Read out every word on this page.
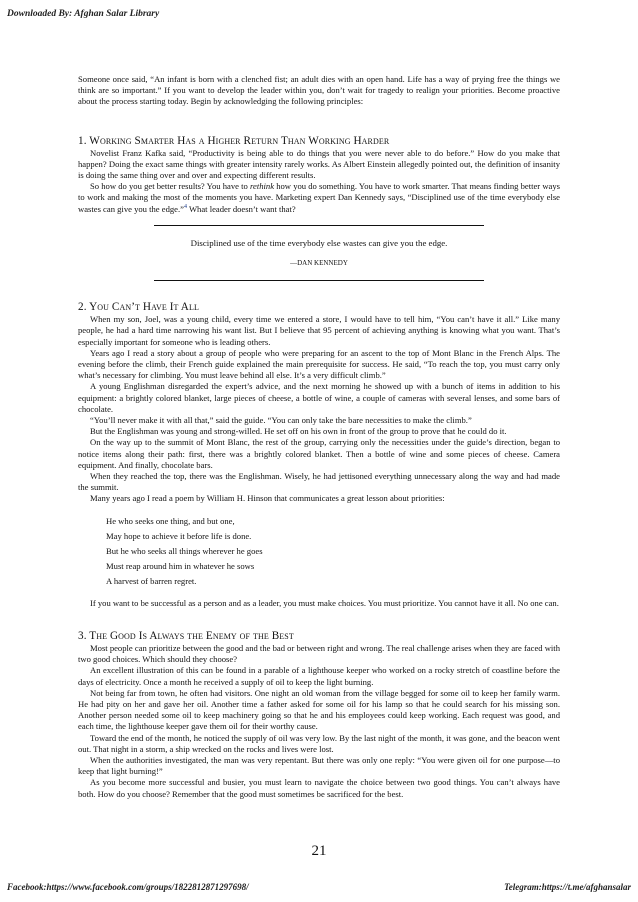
Downloaded By: Afghan Salar Library

Someone once said, “An infant is born with a clenched fist; an adult dies with an open hand. Life has a way of prying free the things we think are so important.” If you want to develop the leader within you, don’t wait for tragedy to realign your priorities. Become proactive about the process starting today. Begin by acknowledging the following principles:

1. Working Smarter Has a Higher Return Than Working Harder

Novelist Franz Kafka said, “Productivity is being able to do things that you were never able to do before.” How do you make that happen? Doing the exact same things with greater intensity rarely works. As Albert Einstein allegedly pointed out, the definition of insanity is doing the same thing over and over and expecting different results.

So how do you get better results? You have to rethink how you do something. You have to work smarter. That means finding better ways to work and making the most of the moments you have. Marketing expert Dan Kennedy says, “Disciplined use of the time everybody else wastes can give you the edge.”$^4$ What leader doesn’t want that?

Disciplined use of the time everybody else wastes can give you the edge.
—DAN KENNEDY
2. You Can’t Have It All

When my son, Joel, was a young child, every time we entered a store, I would have to tell him, “You can’t have it all.” Like many people, he had a hard time narrowing his want list. But I believe that 95 percent of achieving anything is knowing what you want. That’s especially important for someone who is leading others.

Years ago I read a story about a group of people who were preparing for an ascent to the top of Mont Blanc in the French Alps. The evening before the climb, their French guide explained the main prerequisite for success. He said, “To reach the top, you must carry only what’s necessary for climbing. You must leave behind all else. It’s a very difficult climb.”

A young Englishman disregarded the expert’s advice, and the next morning he showed up with a bunch of items in addition to his equipment: a brightly colored blanket, large pieces of cheese, a bottle of wine, a couple of cameras with several lenses, and some bars of chocolate.

“You’ll never make it with all that,” said the guide. “You can only take the bare necessities to make the climb.”

But the Englishman was young and strong-willed. He set off on his own in front of the group to prove that he could do it.

On the way up to the summit of Mont Blanc, the rest of the group, carrying only the necessities under the guide’s direction, began to notice items along their path: first, there was a brightly colored blanket. Then a bottle of wine and some pieces of cheese. Camera equipment. And finally, chocolate bars.

When they reached the top, there was the Englishman. Wisely, he had jettisoned everything unnecessary along the way and had made the summit.

Many years ago I read a poem by William H. Hinson that communicates a great lesson about priorities:

He who seeks one thing, and but one,

May hope to achieve it before life is done.

But he who seeks all things wherever he goes

Must reap around him in whatever he sows

A harvest of barren regret.

If you want to be successful as a person and as a leader, you must make choices. You must prioritize. You cannot have it all. No one can.

3. The Good Is Always the Enemy of the Best

Most people can prioritize between the good and the bad or between right and wrong. The real challenge arises when they are faced with two good choices. Which should they choose?

An excellent illustration of this can be found in a parable of a lighthouse keeper who worked on a rocky stretch of coastline before the days of electricity. Once a month he received a supply of oil to keep the light burning.

Not being far from town, he often had visitors. One night an old woman from the village begged for some oil to keep her family warm. He had pity on her and gave her oil. Another time a father asked for some oil for his lamp so that he could search for his missing son. Another person needed some oil to keep machinery going so that he and his employees could keep working. Each request was good, and each time, the lighthouse keeper gave them oil for their worthy cause.

Toward the end of the month, he noticed the supply of oil was very low. By the last night of the month, it was gone, and the beacon went out. That night in a storm, a ship wrecked on the rocks and lives were lost.

When the authorities investigated, the man was very repentant. But there was only one reply: “You were given oil for one purpose—to keep that light burning!”

As you become more successful and busier, you must learn to navigate the choice between two good things. You can’t always have both. How do you choose? Remember that the good must sometimes be sacrificed for the best.

21
Facebook:https://www.facebook.com/groups/1822812871297698/	Telegram:https://t.me/afghansalar
